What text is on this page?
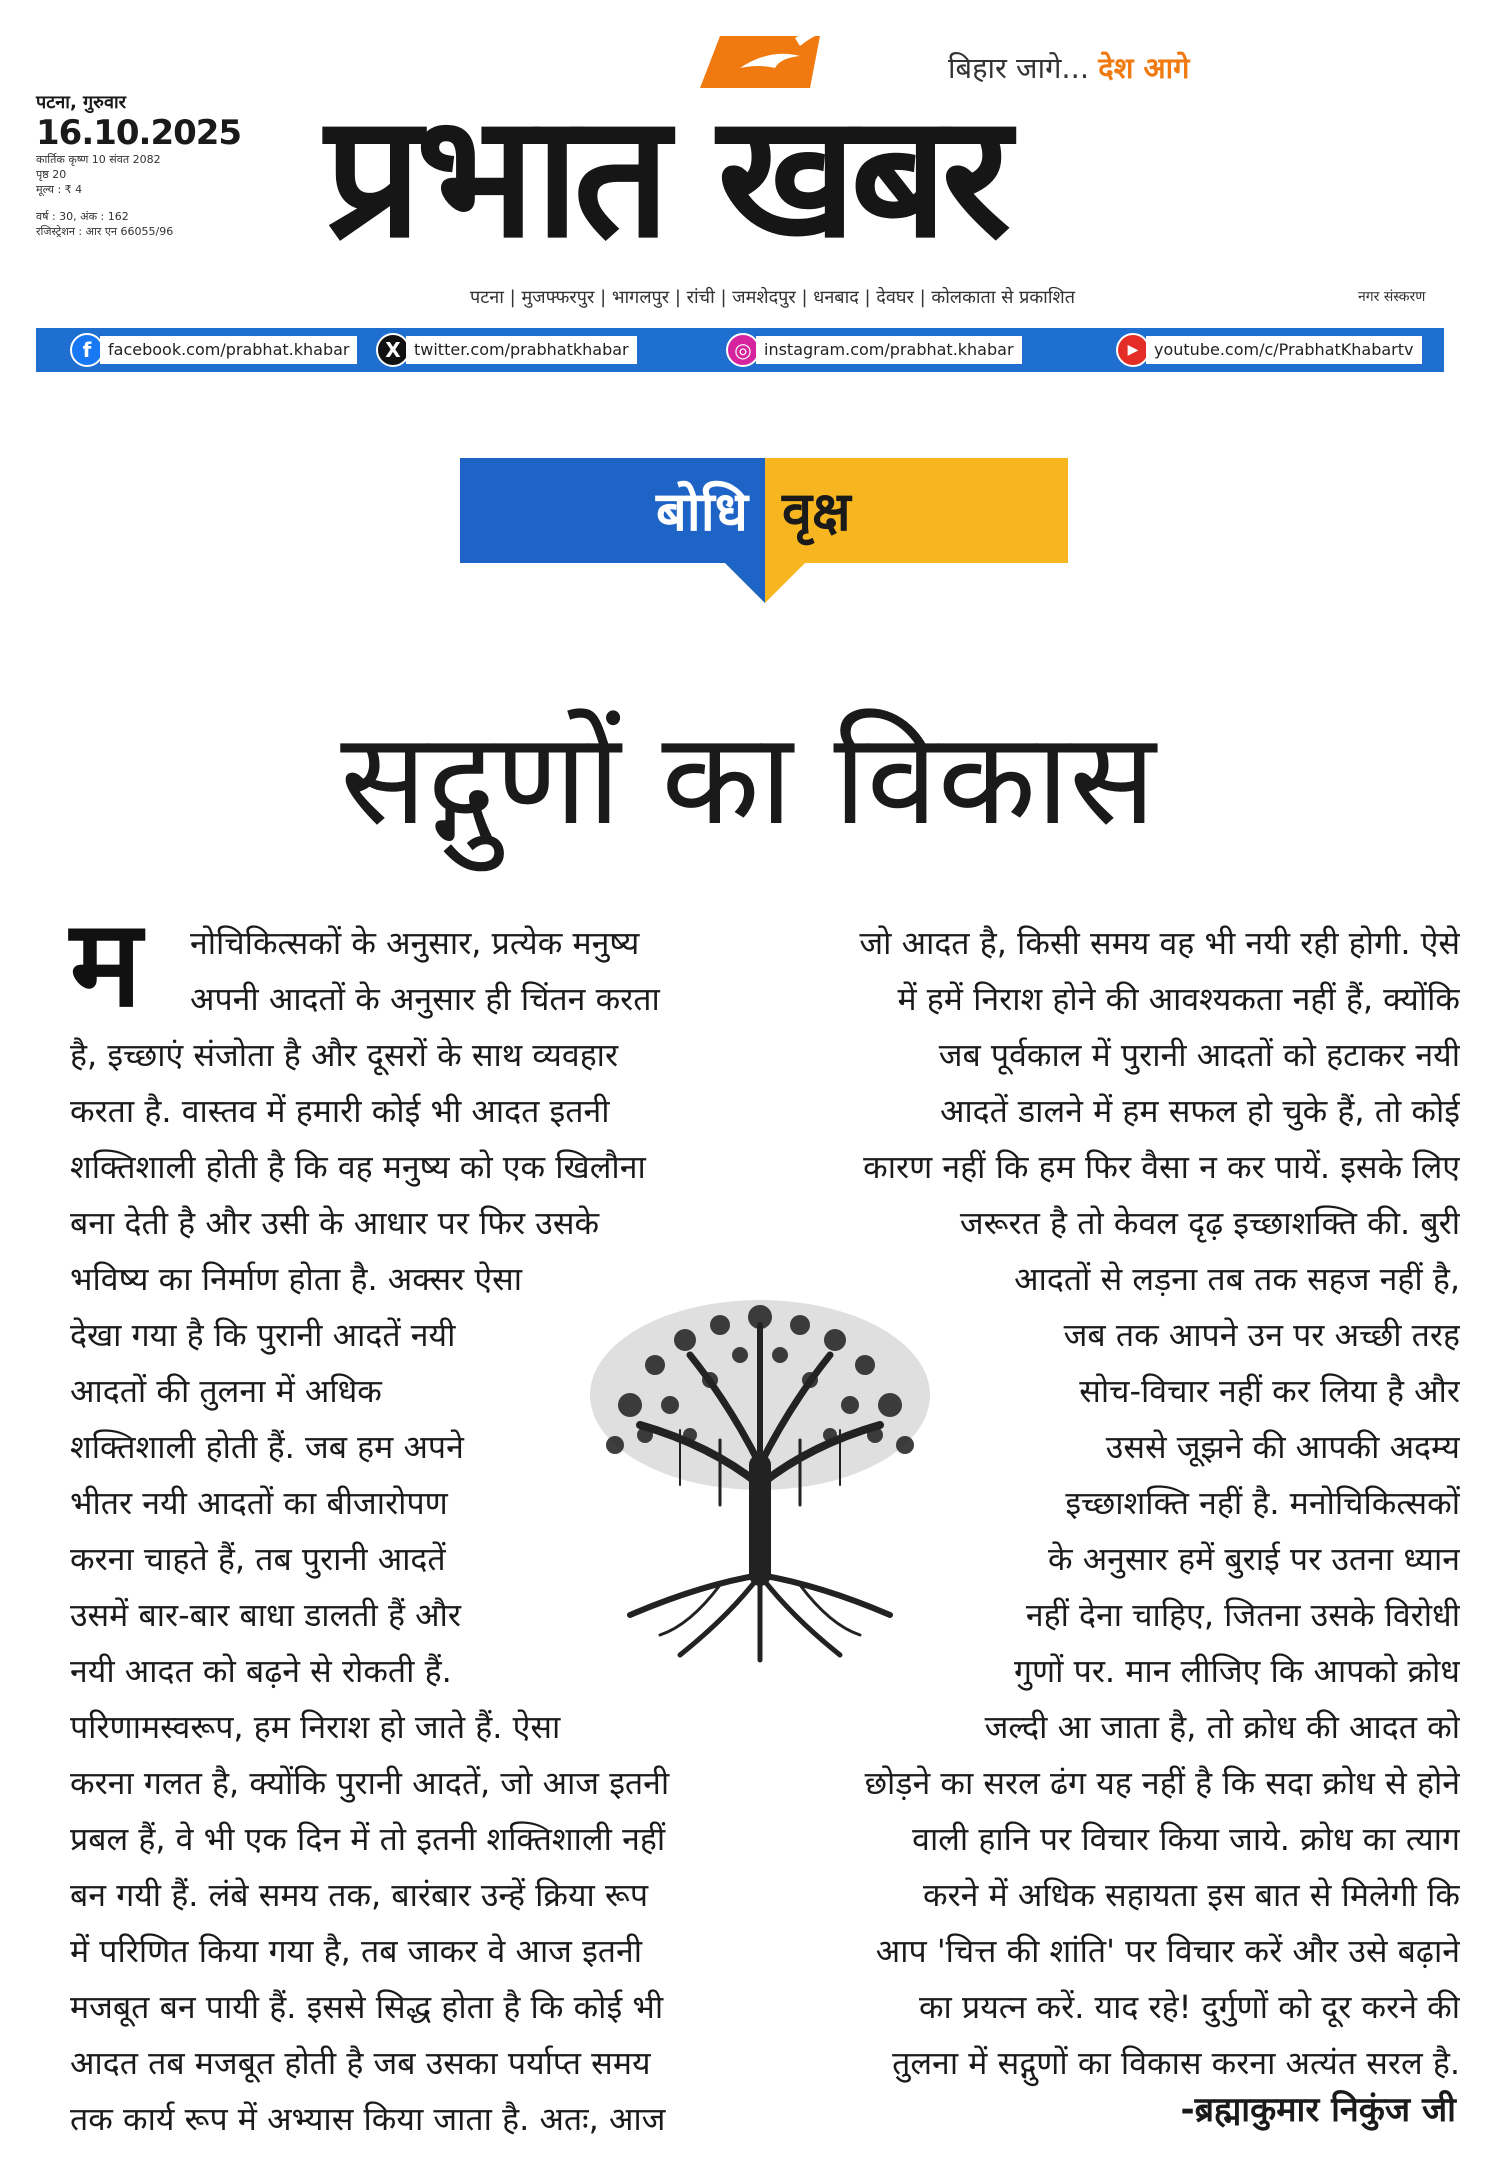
पटना, गुरुवार
16.10.2025
कार्तिक कृष्ण 10 संवत 2082
पृष्ठ 20
मूल्य : ₹ 4
वर्ष : 30, अंक : 162
रजिस्ट्रेशन : आर एन 66055/96
बिहार जागे... देश आगे
प्रभात खबर
पटना | मुजफ्फरपुर | भागलपुर | रांची | जमशेदपुर | धनबाद | देवघर | कोलकाता से प्रकाशित	नगर संस्करण
f	facebook.com/prabhat.khabar	X twitter.com/prabhatkhabar	◎ instagram.com/prabhat.khabar	▶ youtube.com/c/PrabhatKhabartv
बोधि वृक्ष
सद्गुणों का विकास
म	नोचिकित्सकों के अनुसार, प्रत्येक मनुष्य
अपनी आदतों के अनुसार ही चिंतन करता
है, इच्छाएं संजोता है और दूसरों के साथ व्यवहार
करता है. वास्तव में हमारी कोई भी आदत इतनी
शक्तिशाली होती है कि वह मनुष्य को एक खिलौना
बना देती है और उसी के आधार पर फिर उसके
भविष्य का निर्माण होता है. अक्सर ऐसा
देखा गया है कि पुरानी आदतें नयी
आदतों की तुलना में अधिक
शक्तिशाली होती हैं. जब हम अपने
भीतर नयी आदतों का बीजारोपण
करना चाहते हैं, तब पुरानी आदतें
उसमें बार-बार बाधा डालती हैं और
नयी आदत को बढ़ने से रोकती हैं.
परिणामस्वरूप, हम निराश हो जाते हैं. ऐसा
करना गलत है, क्योंकि पुरानी आदतें, जो आज इतनी
प्रबल हैं, वे भी एक दिन में तो इतनी शक्तिशाली नहीं
बन गयी हैं. लंबे समय तक, बारंबार उन्हें क्रिया रूप
में परिणित किया गया है, तब जाकर वे आज इतनी
मजबूत बन पायी हैं. इससे सिद्ध होता है कि कोई भी
आदत तब मजबूत होती है जब उसका पर्याप्त समय
तक कार्य रूप में अभ्यास किया जाता है. अतः, आज
जो आदत है, किसी समय वह भी नयी रही होगी. ऐसे
में हमें निराश होने की आवश्यकता नहीं हैं, क्योंकि
जब पूर्वकाल में पुरानी आदतों को हटाकर नयी
आदतें डालने में हम सफल हो चुके हैं, तो कोई
कारण नहीं कि हम फिर वैसा न कर पायें. इसके लिए
जरूरत है तो केवल दृढ़ इच्छाशक्ति की. बुरी
आदतों से लड़ना तब तक सहज नहीं है,
जब तक आपने उन पर अच्छी तरह
सोच-विचार नहीं कर लिया है और
उससे जूझने की आपकी अदम्य
इच्छाशक्ति नहीं है. मनोचिकित्सकों
के अनुसार हमें बुराई पर उतना ध्यान
नहीं देना चाहिए, जितना उसके विरोधी
गुणों पर. मान लीजिए कि आपको क्रोध
जल्दी आ जाता है, तो क्रोध की आदत को
छोड़ने का सरल ढंग यह नहीं है कि सदा क्रोध से होने
वाली हानि पर विचार किया जाये. क्रोध का त्याग
करने में अधिक सहायता इस बात से मिलेगी कि
आप 'चित्त की शांति' पर विचार करें और उसे बढ़ाने
का प्रयत्न करें. याद रहे! दुर्गुणों को दूर करने की
तुलना में सद्गुणों का विकास करना अत्यंत सरल है.
-ब्रह्माकुमार निकुंज जी
